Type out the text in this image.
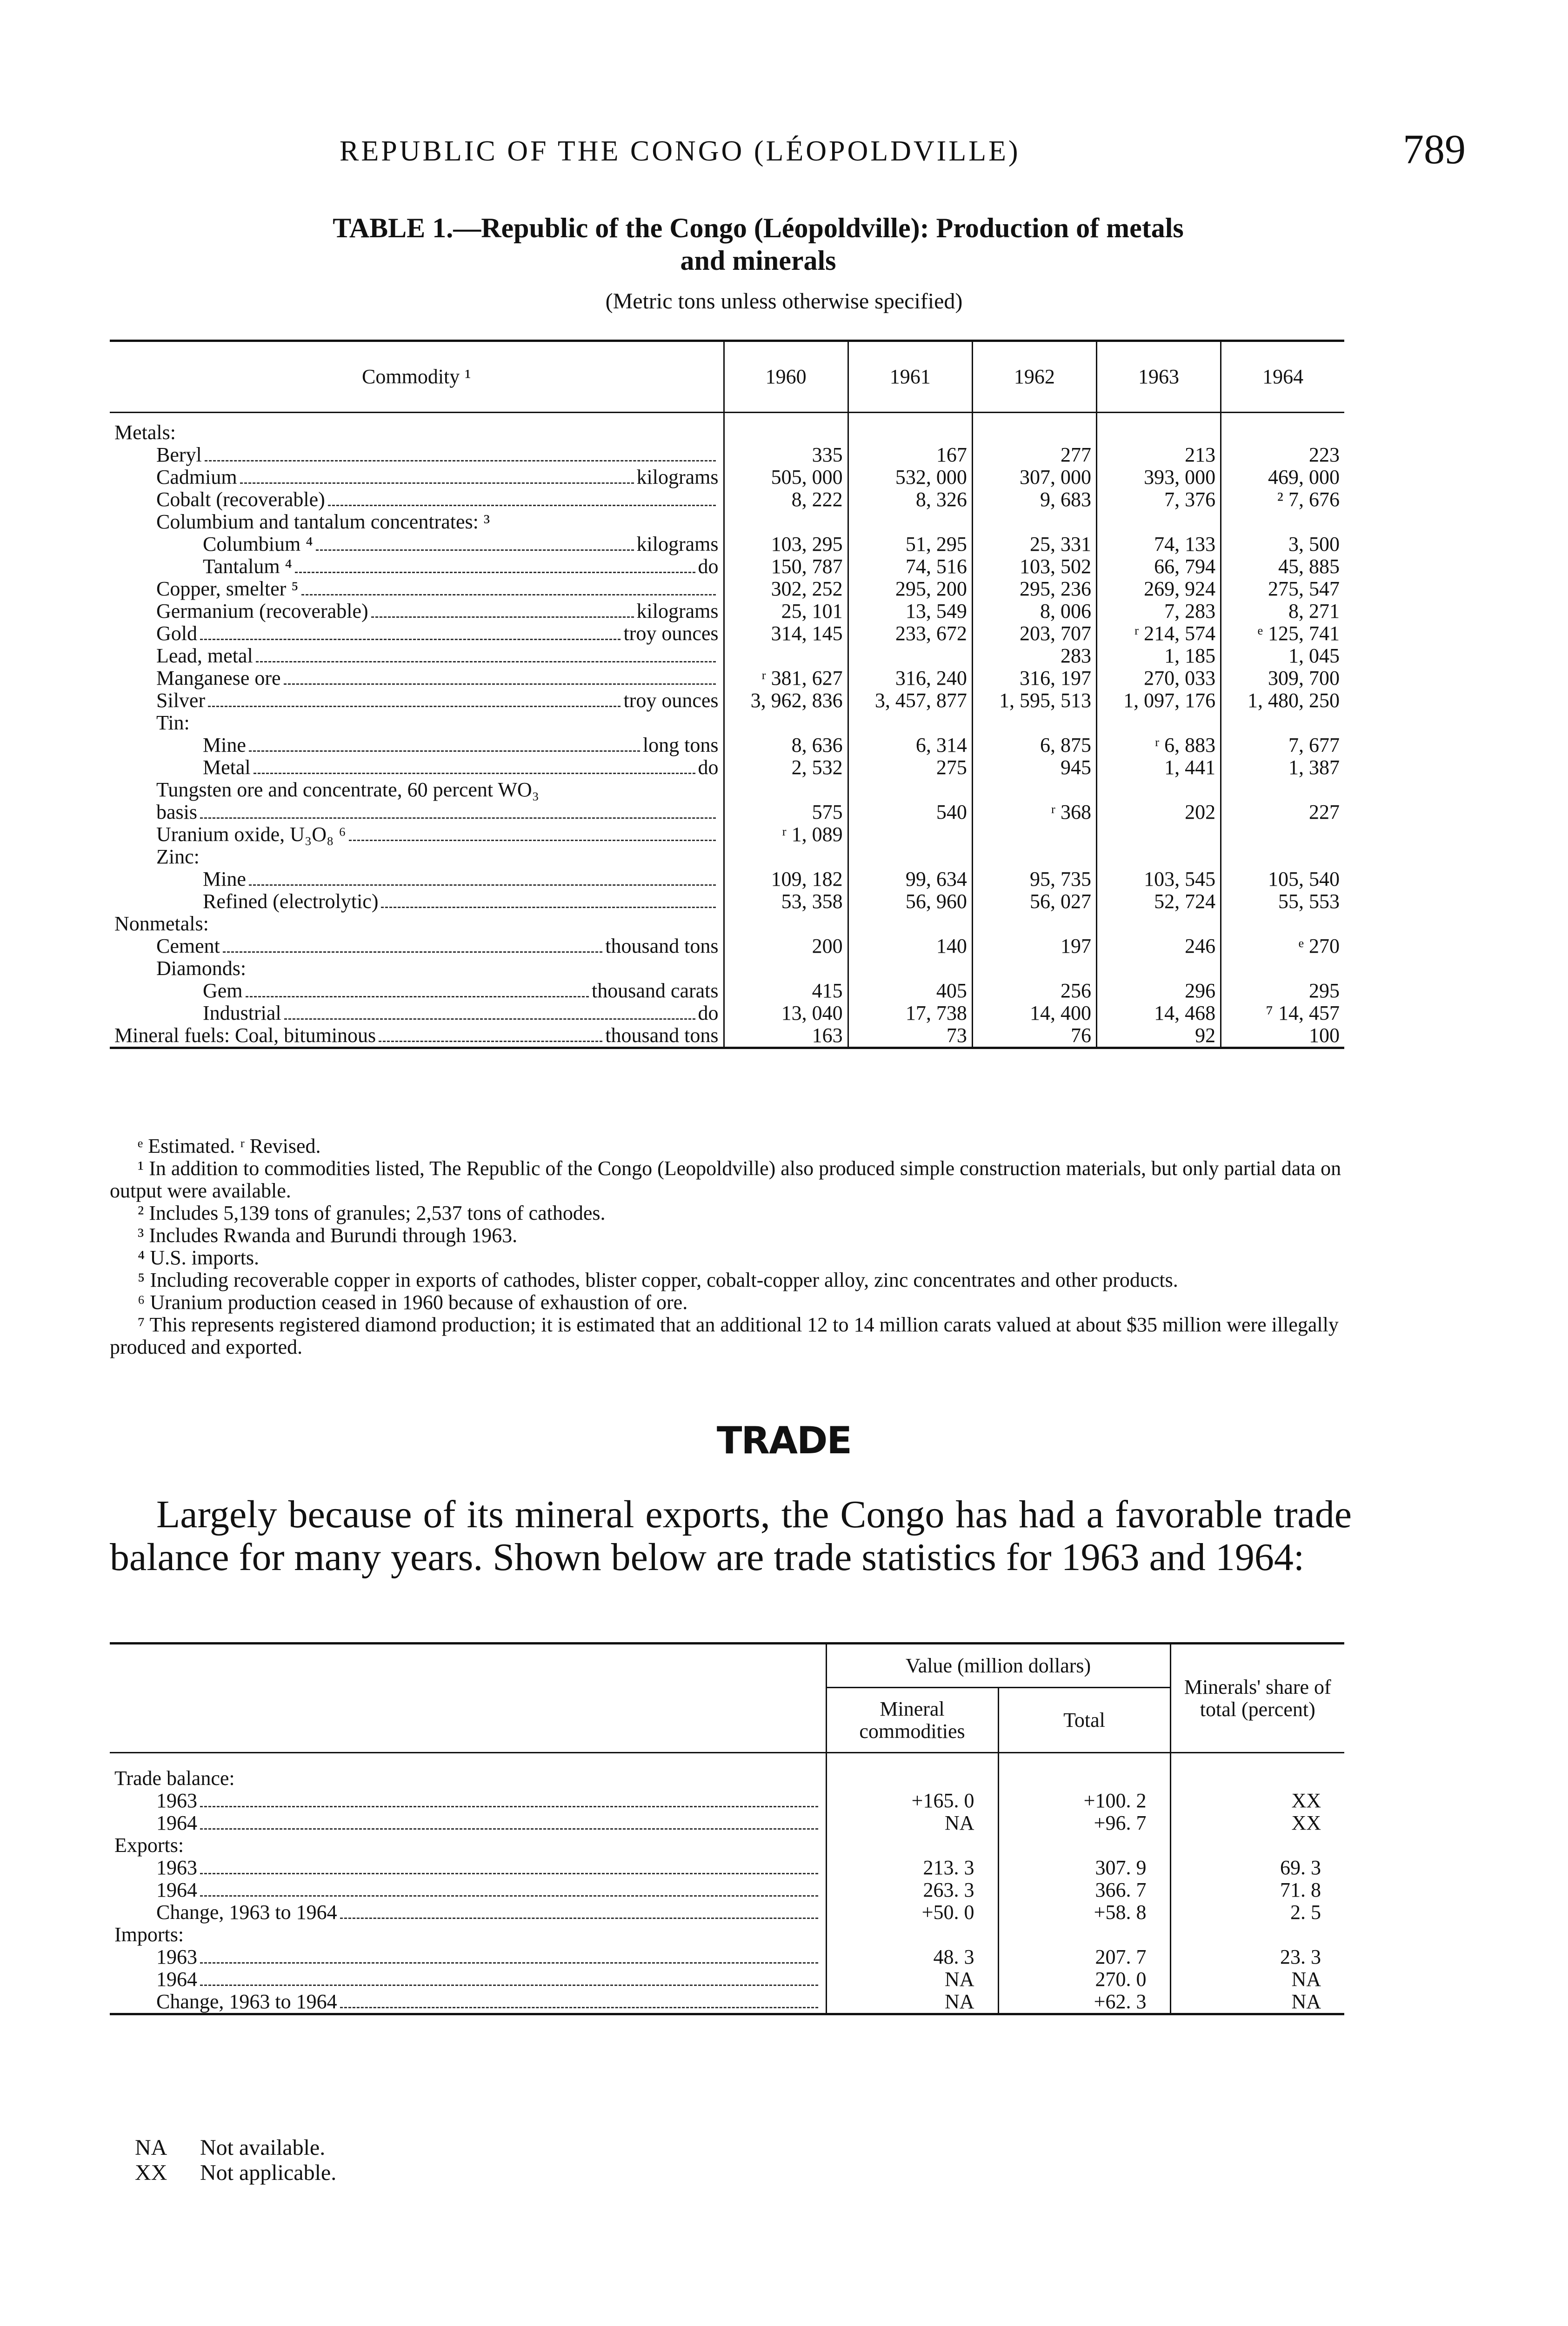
REPUBLIC OF THE CONGO (LÉOPOLDVILLE)	789
TABLE 1.—Republic of the Congo (Léopoldville): Production of metals
and minerals
(Metric tons unless otherwise specified)
Commodity ¹	1960	1961	1962	1963	1964

Metals:					

Beryl	335	167	277	213	223

Cadmium kilograms	505, 000	532, 000	307, 000	393, 000	469, 000

Cobalt (recoverable)	8, 222	8, 326	9, 683	7, 376	² 7, 676

Columbium and tantalum concentrates: ³					

Columbium ⁴ kilograms	103, 295	51, 295	25, 331	74, 133	3, 500

Tantalum ⁴ do	150, 787	74, 516	103, 502	66, 794	45, 885

Copper, smelter ⁵	302, 252	295, 200	295, 236	269, 924	275, 547

Germanium (recoverable) kilograms	25, 101	13, 549	8, 006	7, 283	8, 271

Gold troy ounces	314, 145	233, 672	203, 707	ʳ 214, 574	ᵉ 125, 741

Lead, metal			283	1, 185	1, 045

Manganese ore	ʳ 381, 627	316, 240	316, 197	270, 033	309, 700

Silver troy ounces	3, 962, 836	3, 457, 877	1, 595, 513	1, 097, 176	1, 480, 250

Tin:					

Mine long tons	8, 636	6, 314	6, 875	ʳ 6, 883	7, 677

Metal do	2, 532	275	945	1, 441	1, 387

Tungsten ore and concentrate, 60 percent WO₃					

basis	575	540	ʳ 368	202	227

Uranium oxide, U₃O₈ ⁶	ʳ 1, 089				

Zinc:					

Mine	109, 182	99, 634	95, 735	103, 545	105, 540

Refined (electrolytic)	53, 358	56, 960	56, 027	52, 724	55, 553

Nonmetals:					

Cement thousand tons	200	140	197	246	ᵉ 270

Diamonds:					

Gem thousand carats	415	405	256	296	295

Industrial do	13, 040	17, 738	14, 400	14, 468	⁷ 14, 457

Mineral fuels: Coal, bituminous thousand tons	163	73	76	92	100

ᵉ Estimated. ʳ Revised.

¹ In addition to commodities listed, The Republic of the Congo (Leopoldville) also produced simple construction materials, but only partial data on output were available.

² Includes 5,139 tons of granules; 2,537 tons of cathodes.

³ Includes Rwanda and Burundi through 1963.

⁴ U.S. imports.

⁵ Including recoverable copper in exports of cathodes, blister copper, cobalt-copper alloy, zinc concentrates and other products.

⁶ Uranium production ceased in 1960 because of exhaustion of ore.

⁷ This represents registered diamond production; it is estimated that an additional 12 to 14 million carats valued at about $35 million were illegally produced and exported.

TRADE
Largely because of its mineral exports, the Congo has had a favorable trade balance for many years. Shown below are trade statistics for 1963 and 1964:
	Value (million dollars)		Minerals' share of total (percent)
	Mineral commodities	Total	

Trade balance:			

1963	+165. 0	+100. 2	XX

1964	NA	+96. 7	XX

Exports:			

1963	213. 3	307. 9	69. 3

1964	263. 3	366. 7	71. 8

Change, 1963 to 1964	+50. 0	+58. 8	2. 5

Imports:			

1963	48. 3	207. 7	23. 3

1964	NA	270. 0	NA

Change, 1963 to 1964	NA	+62. 3	NA
NA Not available.
XX Not applicable.
